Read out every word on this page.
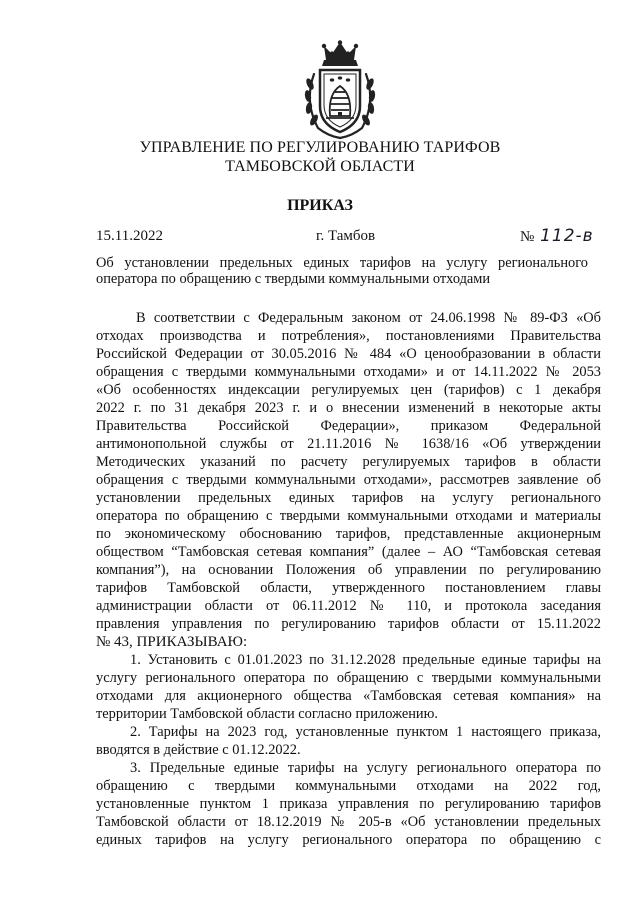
УПРАВЛЕНИЕ ПО РЕГУЛИРОВАНИЮ ТАРИФОВ
ТАМБОВСКОЙ ОБЛАСТИ
ПРИКАЗ
15.11.2022	г. Тамбов	№ 112-в
Об установлении предельных единых тарифов на услугу регионального
оператора по обращению с твердыми коммунальными отходами
В соответствии с Федеральным законом от 24.06.1998 № 89-ФЗ «Об
отходах производства и потребления», постановлениями Правительства
Российской Федерации от 30.05.2016 № 484 «О ценообразовании в области
обращения с твердыми коммунальными отходами» и от 14.11.2022 № 2053
«Об особенностях индексации регулируемых цен (тарифов) с 1 декабря
2022 г. по 31 декабря 2023 г. и о внесении изменений в некоторые акты
Правительства Российской Федерации», приказом Федеральной
антимонопольной службы от 21.11.2016 № 1638/16 «Об утверждении
Методических указаний по расчету регулируемых тарифов в области
обращения с твердыми коммунальными отходами», рассмотрев заявление об
установлении предельных единых тарифов на услугу регионального
оператора по обращению с твердыми коммунальными отходами и материалы
по экономическому обоснованию тарифов, представленные акционерным
обществом “Тамбовская сетевая компания” (далее – АО “Тамбовская сетевая
компания”), на основании Положения об управлении по регулированию
тарифов Тамбовской области, утвержденного постановлением главы
администрации области от 06.11.2012 № 110, и протокола заседания
правления управления по регулированию тарифов области от 15.11.2022
№ 43, ПРИКАЗЫВАЮ:
1. Установить с 01.01.2023 по 31.12.2028 предельные единые тарифы на
услугу регионального оператора по обращению с твердыми коммунальными
отходами для акционерного общества «Тамбовская сетевая компания» на
территории Тамбовской области согласно приложению.
2. Тарифы на 2023 год, установленные пунктом 1 настоящего приказа,
вводятся в действие с 01.12.2022.
3. Предельные единые тарифы на услугу регионального оператора по
обращению с твердыми коммунальными отходами на 2022 год,
установленные пунктом 1 приказа управления по регулированию тарифов
Тамбовской области от 18.12.2019 № 205-в «Об установлении предельных
единых тарифов на услугу регионального оператора по обращению с
